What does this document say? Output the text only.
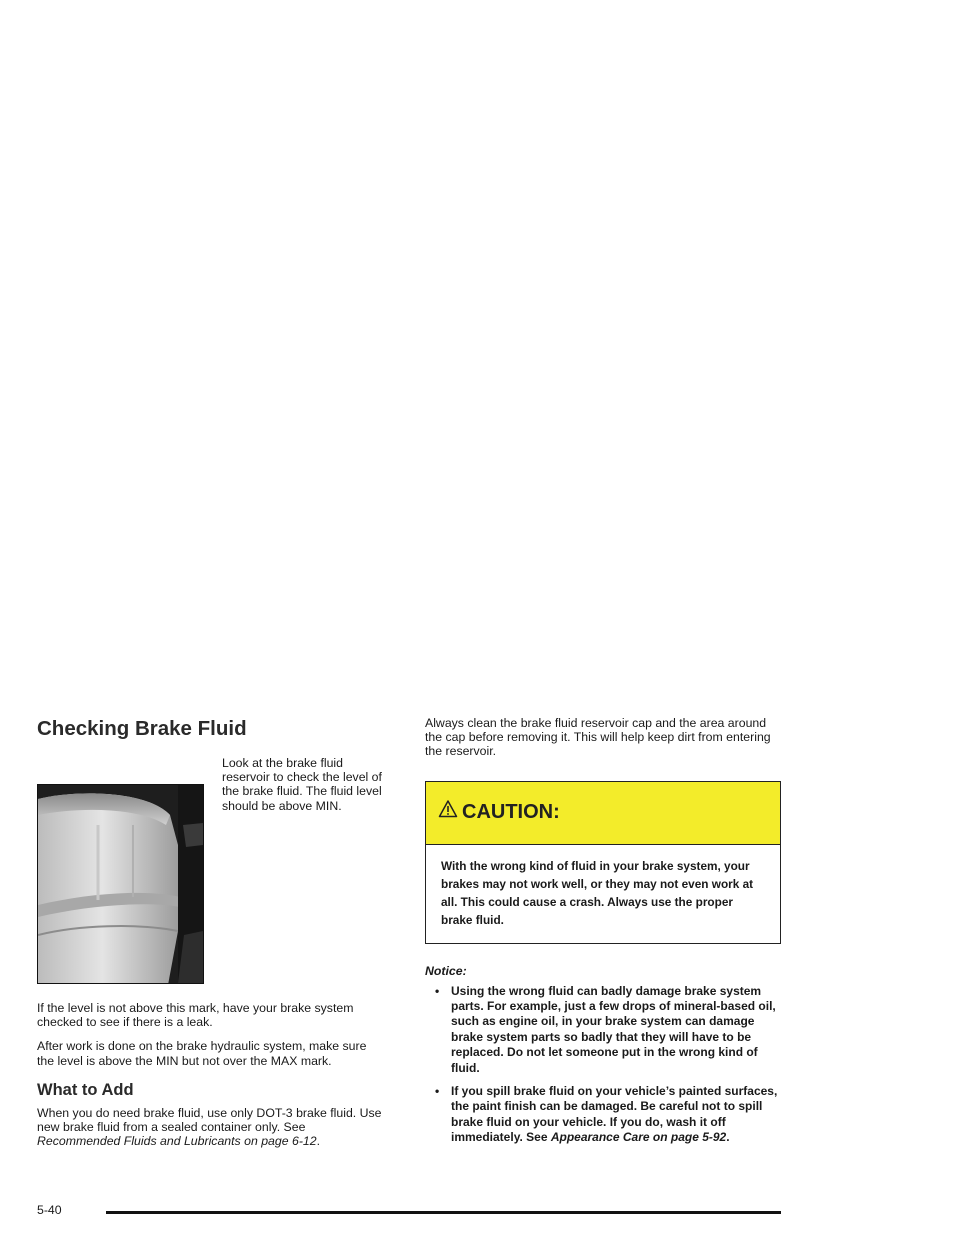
Checking Brake Fluid

Look at the brake fluid reservoir to check the level of the brake fluid. The fluid level should be above MIN.

If the level is not above this mark, have your brake system checked to see if there is a leak.

After work is done on the brake hydraulic system, make sure the level is above the MIN but not over the MAX mark.

What to Add

When you do need brake fluid, use only DOT-3 brake fluid. Use new brake fluid from a sealed container only. See Recommended Fluids and Lubricants on page 6-12.

Always clean the brake fluid reservoir cap and the area around the cap before removing it. This will help keep dirt from entering the reservoir.

CAUTION:
With the wrong kind of fluid in your brake system, your brakes may not work well, or they may not even work at all. This could cause a crash. Always use the proper brake fluid.
Notice:
• Using the wrong fluid can badly damage brake system parts. For example, just a few drops of mineral-based oil, such as engine oil, in your brake system can damage brake system parts so badly that they will have to be replaced. Do not let someone put in the wrong kind of fluid.
• If you spill brake fluid on your vehicle’s painted surfaces, the paint finish can be damaged. Be careful not to spill brake fluid on your vehicle. If you do, wash it off immediately. See Appearance Care on page 5-92.
5-40
